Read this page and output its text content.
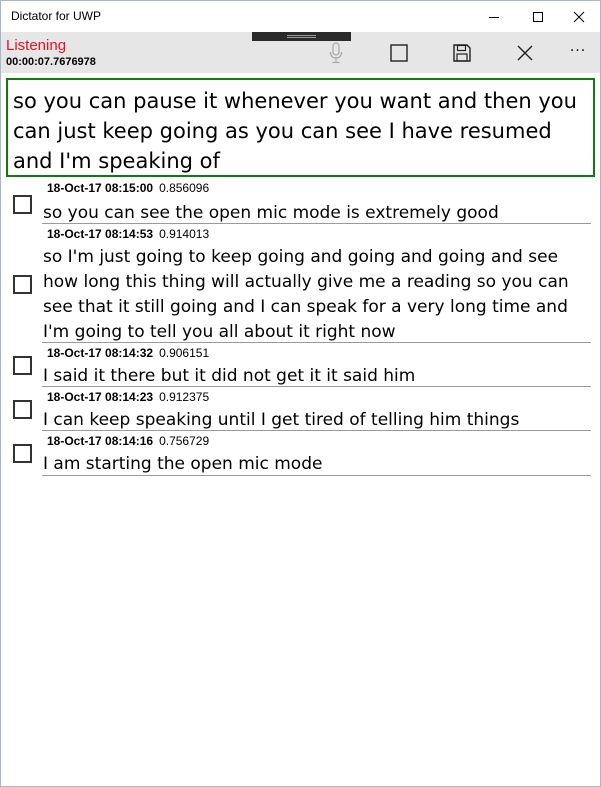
Dictator for UWP
Listening
00:00:07.7676978
···
so you can pause it whenever you want and then you can just keep going as you can see I have resumed and I'm speaking of
18-Oct-17 08:15:00 0.856096
so you can see the open mic mode is extremely good
18-Oct-17 08:14:53 0.914013
so I'm just going to keep going and going and going and see how long this thing will actually give me a reading so you can see that it still going and I can speak for a very long time and I'm going to tell you all about it right now
18-Oct-17 08:14:32 0.906151
I said it there but it did not get it it said him
18-Oct-17 08:14:23 0.912375
I can keep speaking until I get tired of telling him things
18-Oct-17 08:14:16 0.756729
I am starting the open mic mode
